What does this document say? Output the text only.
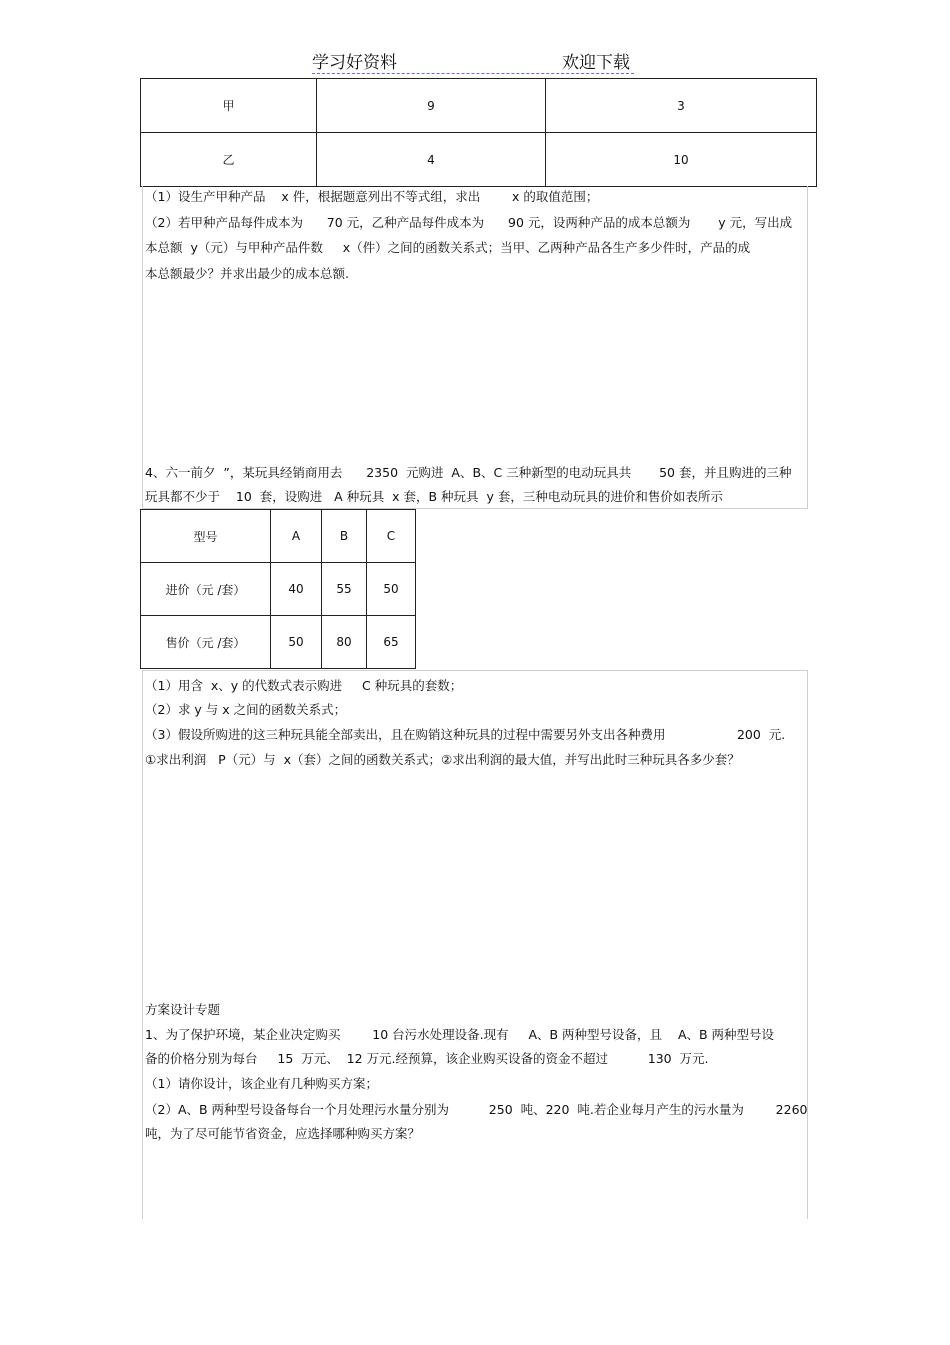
学习好资料	欢迎下载
甲	9	3
乙	4	10
（1）设生产甲种产品    x 件，根据题意列出不等式组，求出        x 的取值范围；
（2）若甲种产品每件成本为      70 元，乙种产品每件成本为      90 元，设两种产品的成本总额为       y 元，写出成
本总额  y（元）与甲种产品件数     x（件）之间的函数关系式；当甲、乙两种产品各生产多少件时，产品的成
本总额最少？并求出最少的成本总额.
4、六一前夕  ”，某玩具经销商用去      2350  元购进  A、B、C 三种新型的电动玩具共       50 套，并且购进的三种
玩具都不少于    10  套，设购进   A 种玩具  x 套，B 种玩具  y 套，三种电动玩具的进价和售价如表所示
型号	A	B	C
进价（元 /套）	40	55	50
售价（元 /套）	50	80	65
（1）用含  x、y 的代数式表示购进     C 种玩具的套数；
（2）求 y 与 x 之间的函数关系式；
（3）假设所购进的这三种玩具能全部卖出，且在购销这种玩具的过程中需要另外支出各种费用                  200  元.
①求出利润   P（元）与  x（套）之间的函数关系式；②求出利润的最大值，并写出此时三种玩具各多少套？
方案设计专题
1、为了保护环境，某企业决定购买        10 台污水处理设备.现有     A、B 两种型号设备，且    A、B 两种型号设
备的价格分别为每台     15  万元、  12 万元.经预算，该企业购买设备的资金不超过          130  万元.
（1）请你设计，该企业有几种购买方案；
（2）A、B 两种型号设备每台一个月处理污水量分别为          250  吨、220  吨.若企业每月产生的污水量为        2260
吨，为了尽可能节省资金，应选择哪种购买方案？
